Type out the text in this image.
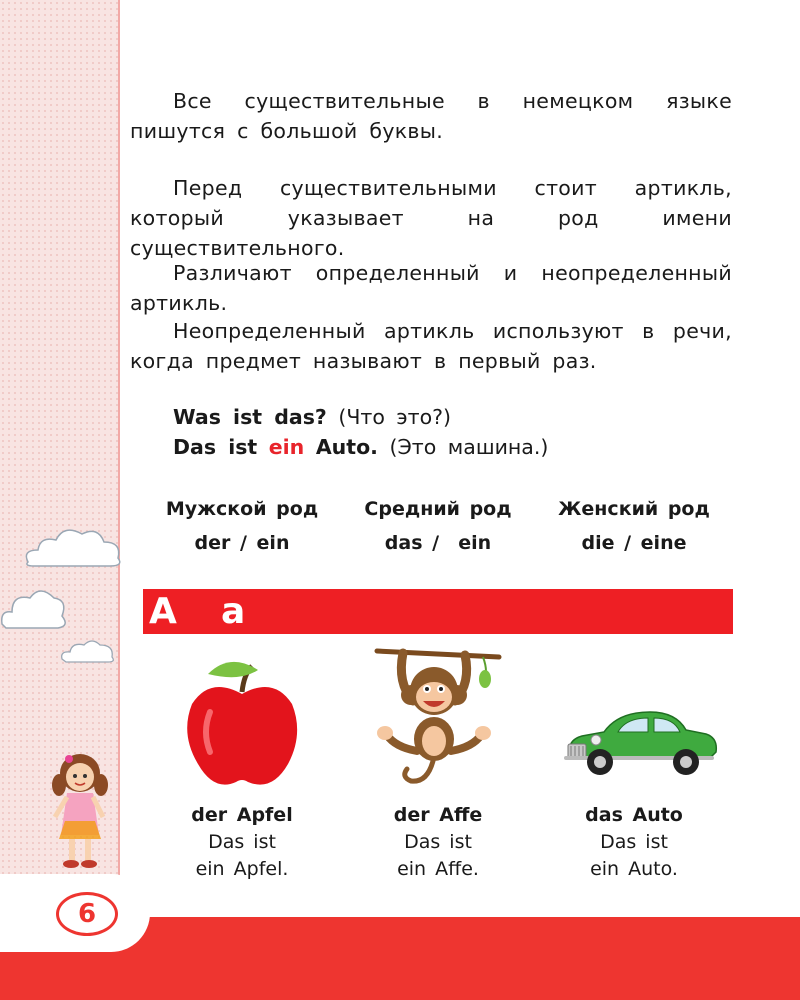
Все существительные в немецком языке пишутся с большой буквы.

Перед существительными стоит артикль, который указывает на род имени существительного.

Различают определенный и неопределенный артикль.

Неопределенный артикль используют в речи, когда предмет называют в первый раз.

Was ist das? (Что это?)
Das ist ein Auto. (Это машина.)
Мужской род
der / ein
Средний род
das /  ein
Женский род
die / eine
A a
der Apfel
Das ist
ein Apfel.
der Affe
Das ist
ein Affe.
das Auto
Das ist
ein Auto.
6
